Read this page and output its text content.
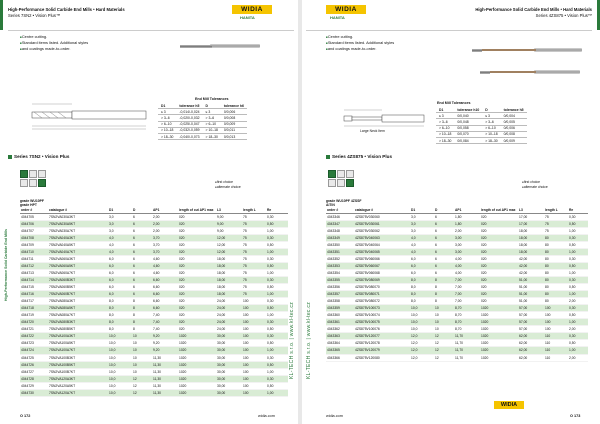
High-Performance Solid Carbide End Mills • Hard Materials
Series 7SN2 • Vision Plus™
WIDIA
HANITA
■ Centre cutting.
■ Standard items listed. Additional styles
■ and coatings made-to-order.
End Mill Tolerances
D1	tolerance h5	D	tolerance h6
≤ 3	-0,014/-0,024	≤ 3	0/0,006
> 3–6	-0,020/-0,032	> 3–6	0/0,008
> 6–10	-0,025/-0,047	> 6–10	0/0,009
> 10–18	-0,032/-0,059	> 10–18	0/0,011
> 18–30	-0,040/-0,073	> 18–30	0/0,013
Series 7SN2 • Vision Plus
● first choice
● alternate choice
grade WU10PF
grade HPT
order #	catalogue #	D1	D	AP1	length of cut AP1 max	L3	length L	Re
4044705	7SN2VA030A3KT	3,0	6	2,00	020	9,00	75	0,30
4044706	7SN2VA030A5KT	3,0	6	2,00	020	9,00	75	0,50
4044707	7SN2VA030A7KT	3,0	6	2,00	020	9,00	75	1,00
4044708	7SN2VA040A3KT	4,0	6	3,70	020	12,00	75	0,30
4044709	7SN2VA040A5KT	4,0	6	3,70	020	12,00	75	0,50
4044710	7SN2VA040A7KT	4,0	6	3,70	020	12,00	75	1,00
4044711	7SN2VA060A3KT	6,0	6	4,60	020	18,00	75	0,30
4044712	7SN2VA060A5KT	6,0	6	4,60	020	18,00	75	0,50
4044713	7SN2VA060A7KT	6,0	6	4,60	020	18,00	75	1,00
4044714	7SN2VA060B3KT	6,0	6	6,60	020	18,00	75	0,30
4044715	7SN2VA060B5KT	6,0	6	6,60	020	18,00	75	0,50
4044716	7SN2VA060B7KT	6,0	6	6,60	020	18,00	75	1,00
4044717	7SN2VA080A3KT	8,0	8	6,60	020	24,00	100	0,30
4044718	7SN2VA080A5KT	8,0	8	6,60	020	24,00	100	0,50
4044719	7SN2VA080A7KT	8,0	8	7,40	020	24,00	100	1,00
4044720	7SN2VA080B3KT	8,0	8	7,40	020	24,00	100	0,30
4044721	7SN2VA080B5KT	8,0	8	7,40	020	24,00	100	0,50
4044722	7SN2VA100A3KT	10,0	10	9,20	1020	30,00	100	0,30
4044723	7SN2VA100A5KT	10,0	10	9,20	1020	30,00	100	0,50
4044724	7SN2VA100A7KT	10,0	10	9,20	1020	30,00	100	1,00
4044725	7SN2VA100B3KT	10,0	10	11,30	1020	30,00	100	0,30
4044726	7SN2VA100B5KT	10,0	10	11,30	1020	30,00	100	0,50
4044727	7SN2VA100B7KT	10,0	10	11,30	1020	30,00	100	1,00
4044728	7SN2VA120A3KT	10,0	12	11,30	1020	30,00	100	0,30
4044729	7SN2VA120A5KT	10,0	12	11,30	1020	30,00	100	0,50
4044730	7SN2VA120A7KT	10,0	12	11,30	1020	30,00	100	1,00
High-Performance Solid Carbide End Mills
KL-TECH s.r.o. | www.kl-tec.cz
O 172	widia.com
WIDIA
HANITA
High-Performance Solid Carbide End Mills • Hard Materials
Series 4ZS875 • Vision Plus™
■ Centre cutting.
■ Standard items listed. Additional styles
■ and coatings made-to-order.
Large Neck Item
End Mill Tolerances
D1	tolerance h10	D	tolerance h5
≤ 3	0/0,040	≤ 3	0/0,004
> 3–6	0/0,048	> 3–6	0/0,005
> 6–10	0/0,058	> 6–10	0/0,006
> 10–18	0/0,070	> 10–18	0/0,008
> 18–30	0/0,084	> 18–30	0/0,009
Series 4ZS875 • Vision Plus
● first choice
● alternate choice
grade WU10PF 4ZSSF
AlTiN
order #	catalogue #	D1	D	AP1	length of cut AP1 max	L3	length L	Re
4043346	4ZS875V030060	3,0	6	1,80	020	17,00	75	0,30
4043347	4ZS875V030061	3,0	6	1,80	020	17,00	75	0,50
4043348	4ZS875V030062	3,0	6	2,00	020	18,00	75	1,00
4043349	4ZS875V040063	4,0	6	3,00	020	18,00	80	0,30
4043350	4ZS875V040064	4,0	6	3,00	020	18,00	80	0,50
4043351	4ZS875V040065	4,0	6	3,00	020	18,00	80	1,00
4043352	4ZS875V060066	6,0	6	4,00	020	42,00	80	0,30
4043353	4ZS875V060067	6,0	6	4,00	020	42,00	80	0,50
4043354	4ZS875V060068	6,0	6	4,00	020	42,00	80	1,00
4043355	4ZS875V080069	8,0	8	7,00	020	51,00	80	0,30
4043356	4ZS875V080070	8,0	8	7,00	020	51,00	80	0,50
4043357	4ZS875V080071	8,0	8	7,00	020	51,00	80	1,00
4043358	4ZS875V080072	8,0	8	7,00	020	51,00	80	2,00
4043359	4ZS875V100073	10,0	10	8,70	1020	57,00	100	0,30
4043360	4ZS875V100074	10,0	10	8,70	1020	57,00	100	0,50
4043361	4ZS875V100075	10,0	10	8,70	1020	57,00	100	1,00
4043362	4ZS875V100076	10,0	10	8,70	1020	57,00	100	2,00
4043363	4ZS875V120077	12,0	12	11,70	1020	62,00	110	0,30
4043364	4ZS875V120078	12,0	12	11,70	1020	62,00	110	0,50
4043365	4ZS875V120079	12,0	12	11,70	1020	62,00	110	1,00
4043366	4ZS875V120080	12,0	12	11,70	1020	62,00	110	2,00
KL-TECH s.r.o. | www.kl-tec.cz
WIDIA
widia.com	O 173
